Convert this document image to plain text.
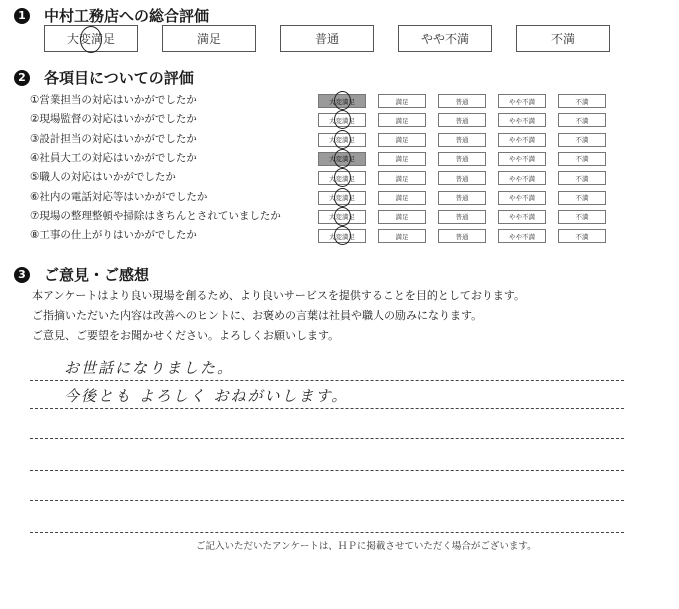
1 中村工務店への総合評価
大変満足	満足	普通	やや不満	不満
2 各項目についての評価
①営業担当の対応はいかがでしたか	大変満足	満足	普通	やや不満	不満
②現場監督の対応はいかがでしたか	大変満足	満足	普通	やや不満	不満
③設計担当の対応はいかがでしたか	大変満足	満足	普通	やや不満	不満
④社員大工の対応はいかがでしたか	大変満足	満足	普通	やや不満	不満
⑤職人の対応はいかがでしたか	大変満足	満足	普通	やや不満	不満
⑥社内の電話対応等はいかがでしたか	大変満足	満足	普通	やや不満	不満
⑦現場の整理整頓や掃除はきちんとされていましたか	大変満足	満足	普通	やや不満	不満
⑧工事の仕上がりはいかがでしたか	大変満足	満足	普通	やや不満	不満
3 ご意見・ご感想
本アンケートはより良い現場を創るため、より良いサービスを提供することを目的としております。
ご指摘いただいた内容は改善へのヒントに、お褒めの言葉は社員や職人の励みになります。
ご意見、ご要望をお聞かせください。よろしくお願いします。
お世話になりました。
今後とも よろしく おねがいします。
ご記入いただいたアンケートは、ＨＰに掲載させていただく場合がございます。
